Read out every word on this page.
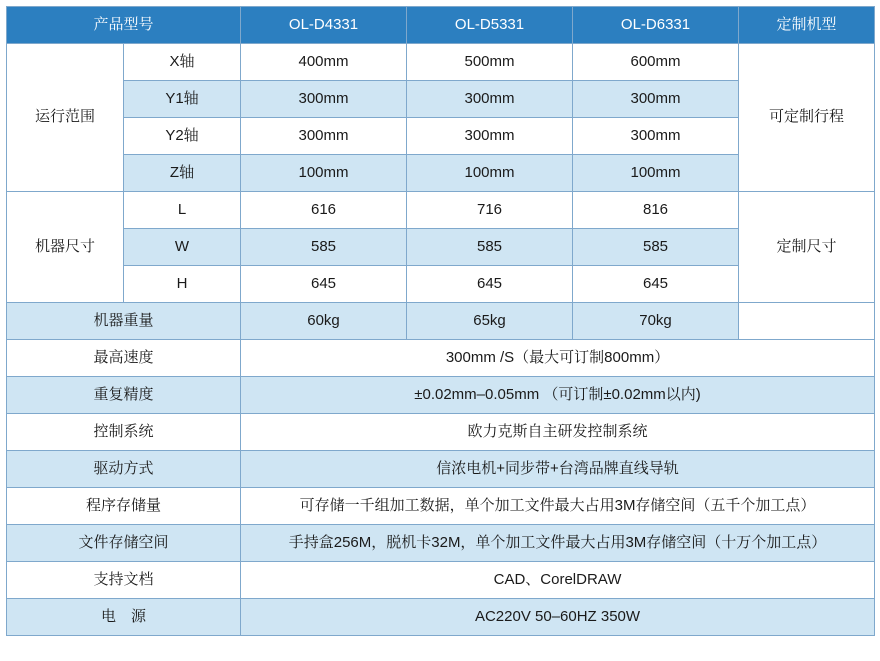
产品型号		OL-D4331	OL-D5331	OL-D6331	定制机型
运行范围	X轴	400mm	500mm	600mm	可定制行程
	Y1轴	300mm	300mm	300mm	
	Y2轴	300mm	300mm	300mm	
	Z轴	100mm	100mm	100mm	
机器尺寸	L	616	716	816	定制尺寸
	W	585	585	585	
	H	645	645	645	
机器重量		60kg	65kg	70kg	
最高速度		300mm /S（最大可订制800mm）			
重复精度		±0.02mm–0.05mm （可订制±0.02mm以内)			
控制系统		欧力克斯自主研发控制系统			
驱动方式		信浓电机+同步带+台湾品牌直线导轨			
程序存储量		可存储一千组加工数据，单个加工文件最大占用3M存储空间（五千个加工点）			
文件存储空间		手持盒256M，脱机卡32M，单个加工文件最大占用3M存储空间（十万个加工点）			
支持文档		CAD、CorelDRAW			
电　源		AC220V 50–60HZ 350W			
